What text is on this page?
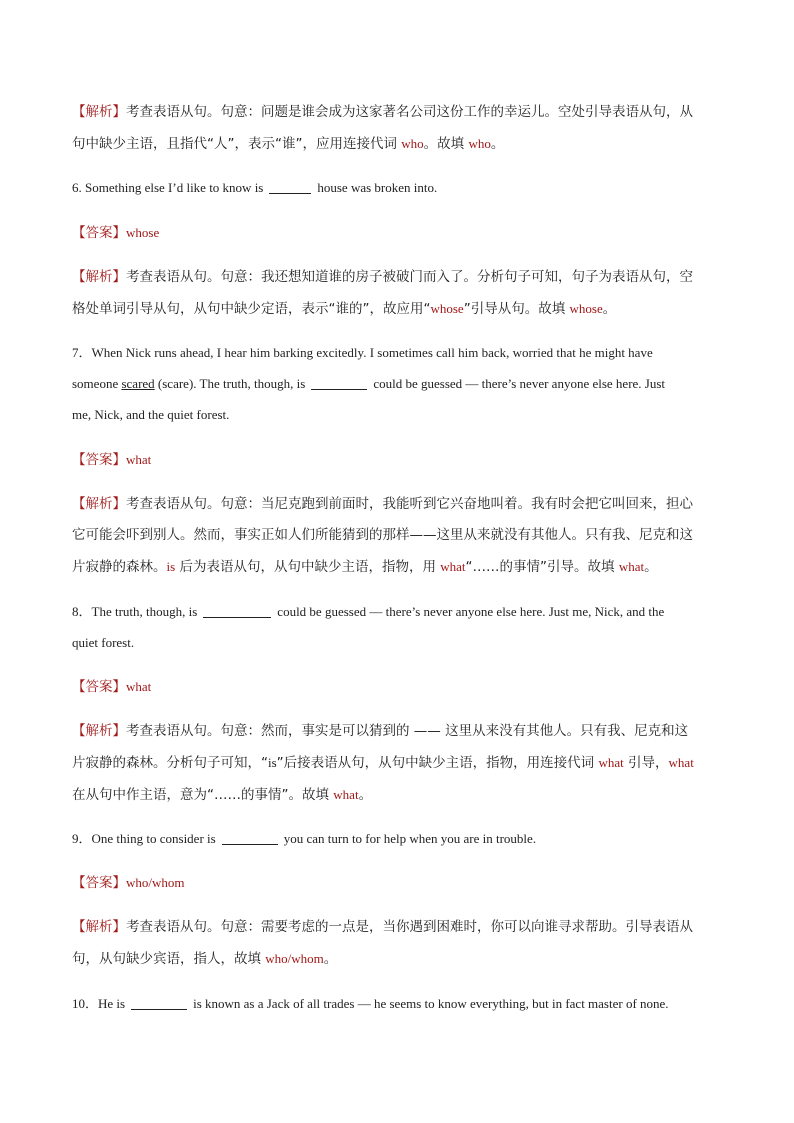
【解析】考查表语从句。句意：问题是谁会成为这家著名公司这份工作的幸运儿。空处引导表语从句，从
句中缺少主语，且指代“人”，表示“谁”，应用连接代词 who。故填 who。
6. Something else I’d like to know is	house was broken into.
【答案】whose
【解析】考查表语从句。句意：我还想知道谁的房子被破门而入了。分析句子可知，句子为表语从句，空
格处单词引导从句，从句中缺少定语，表示“谁的”，故应用“whose”引导从句。故填 whose。
7．When Nick runs ahead, I hear him barking excitedly. I sometimes call him back, worried that he might have
someone scared (scare). The truth, though, is	could be guessed — there’s never anyone else here. Just
me, Nick, and the quiet forest.
【答案】what
【解析】考查表语从句。句意：当尼克跑到前面时，我能听到它兴奋地叫着。我有时会把它叫回来，担心
它可能会吓到别人。然而，事实正如人们所能猜到的那样——这里从来就没有其他人。只有我、尼克和这
片寂静的森林。is 后为表语从句，从句中缺少主语，指物，用 what“……的事情”引导。故填 what。
8．The truth, though, is	could be guessed — there’s never anyone else here. Just me, Nick, and the
quiet forest.
【答案】what
【解析】考查表语从句。句意：然而，事实是可以猜到的 —— 这里从来没有其他人。只有我、尼克和这
片寂静的森林。分析句子可知，“is”后接表语从句，从句中缺少主语，指物，用连接代词 what 引导，what
在从句中作主语，意为“……的事情”。故填 what。
9．One thing to consider is	you can turn to for help when you are in trouble.
【答案】who/whom
【解析】考查表语从句。句意：需要考虑的一点是，当你遇到困难时，你可以向谁寻求帮助。引导表语从
句，从句缺少宾语，指人，故填 who/whom。
10．He is	is known as a Jack of all trades — he seems to know everything, but in fact master of none.
